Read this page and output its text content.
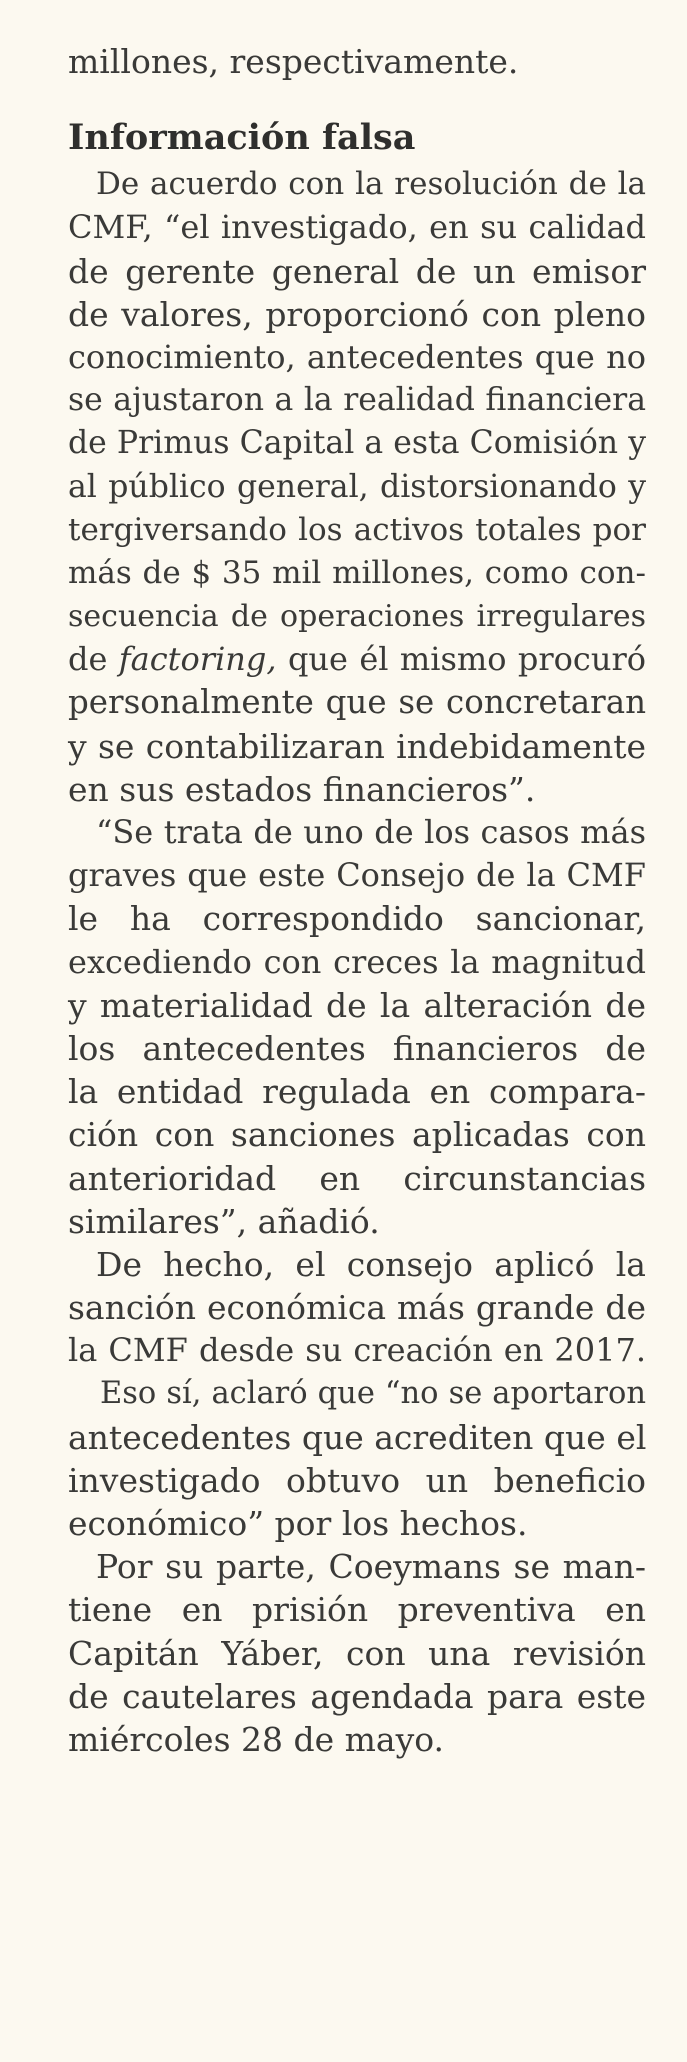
millones, respectivamente.
Información falsa
De acuerdo con la resolución de la
CMF, “el investigado, en su calidad
de gerente general de un emisor
de valores, proporcionó con pleno
conocimiento, antecedentes que no
se ajustaron a la realidad financiera
de Primus Capital a esta Comisión y
al público general, distorsionando y
tergiversando los activos totales por
más de $ 35 mil millones, como con-
secuencia de operaciones irregulares
de factoring, que él mismo procuró
personalmente que se concretaran
y se contabilizaran indebidamente
en sus estados financieros”.
“Se trata de uno de los casos más
graves que este Consejo de la CMF
le ha correspondido sancionar,
excediendo con creces la magnitud
y materialidad de la alteración de
los antecedentes financieros de
la entidad regulada en compara-
ción con sanciones aplicadas con
anterioridad en circunstancias
similares”, añadió.
De hecho, el consejo aplicó la
sanción económica más grande de
la CMF desde su creación en 2017.
Eso sí, aclaró que “no se aportaron
antecedentes que acrediten que el
investigado obtuvo un beneficio
económico” por los hechos.
Por su parte, Coeymans se man-
tiene en prisión preventiva en
Capitán Yáber, con una revisión
de cautelares agendada para este
miércoles 28 de mayo.
